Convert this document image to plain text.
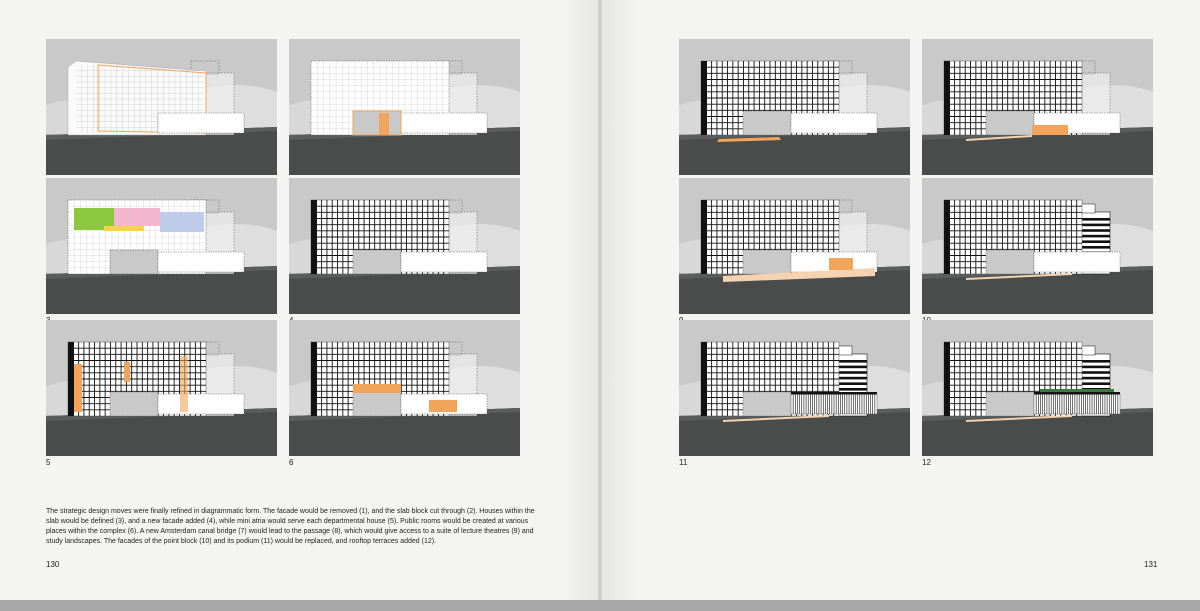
5	6	11	12

The strategic design moves were finally refined in diagrammatic form. The facade would be removed (1), and the slab block cut through (2). Houses within the slab would be defined (3), and a new facade added (4), while mini atria would serve each departmental house (5). Public rooms would be created at various places within the complex (6). A new Amsterdam canal bridge (7) would lead to the passage (8), which would give access to a suite of lecture theatres (9) and study landscapes. The facades of the point block (10) and its podium (11) would be replaced, and rooftop terraces added (12).

130	131
